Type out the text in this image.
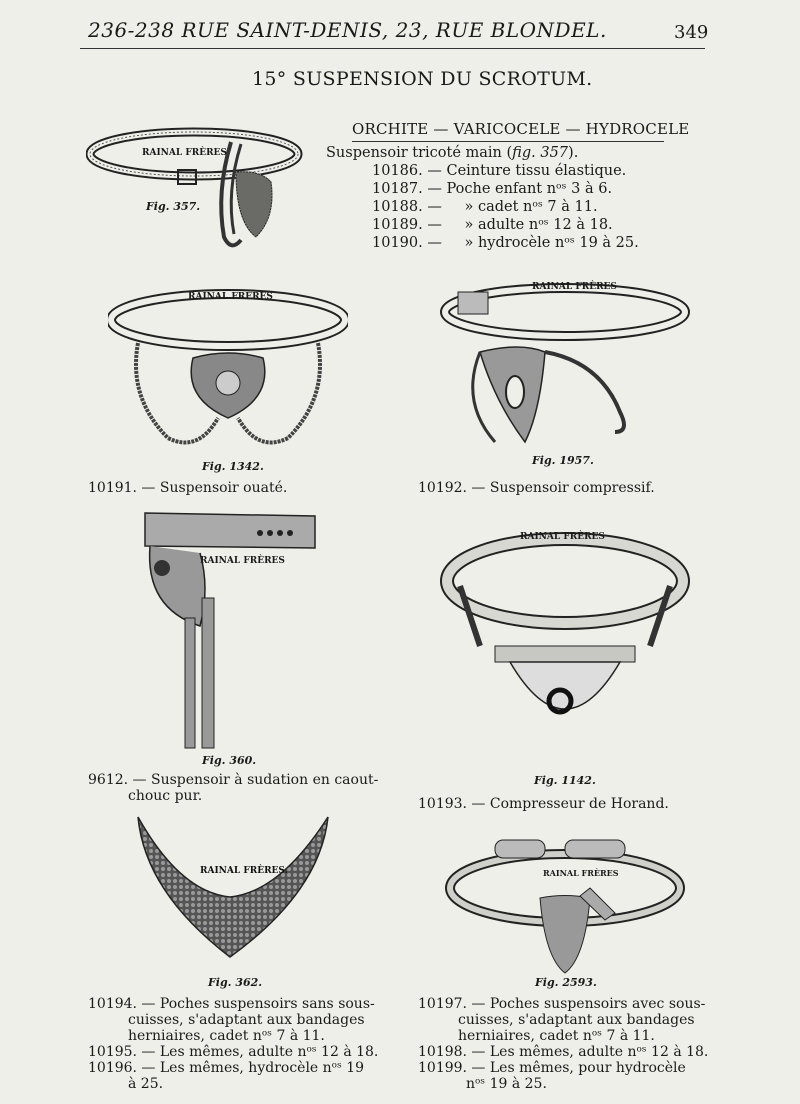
236-238 RUE SAINT-DENIS, 23, RUE BLONDEL.	349
15° SUSPENSION DU SCROTUM.
ORCHITE — VARICOCELE — HYDROCELE
Suspensoir tricoté main (fig. 357).
10186. — Ceinture tissu élastique.
10187. — Poche enfant nᵒˢ 3 à 6.
10188. — » cadet nᵒˢ 7 à 11.
10189. — » adulte nᵒˢ 12 à 18.
10190. — » hydrocèle nᵒˢ 19 à 25.
RAINAL FRÈRES
Fig. 357.
RAINAL FRÈRES
Fig. 1342.
RAINAL FRÈRES
Fig. 1957.
10191. — Suspensoir ouaté.	10192. — Suspensoir compressif.
RAINAL FRÈRES
Fig. 360.
RAINAL FRÈRES
Fig. 1142.
9612. — Suspensoir à sudation en caout-
chouc pur.	10193. — Compresseur de Horand.
RAINAL FRÈRES.
Fig. 362.
RAINAL FRÈRES
Fig. 2593.
10194. — Poches suspensoirs sans sous-
cuisses, s'adaptant aux bandages
herniaires, cadet nᵒˢ 7 à 11.
10195. — Les mêmes, adulte nᵒˢ 12 à 18.
10196. — Les mêmes, hydrocèle nᵒˢ 19
à 25.
10197. — Poches suspensoirs avec sous-
cuisses, s'adaptant aux bandages
herniaires, cadet nᵒˢ 7 à 11.
10198. — Les mêmes, adulte nᵒˢ 12 à 18.
10199. — Les mêmes, pour hydrocèle
nᵒˢ 19 à 25.
